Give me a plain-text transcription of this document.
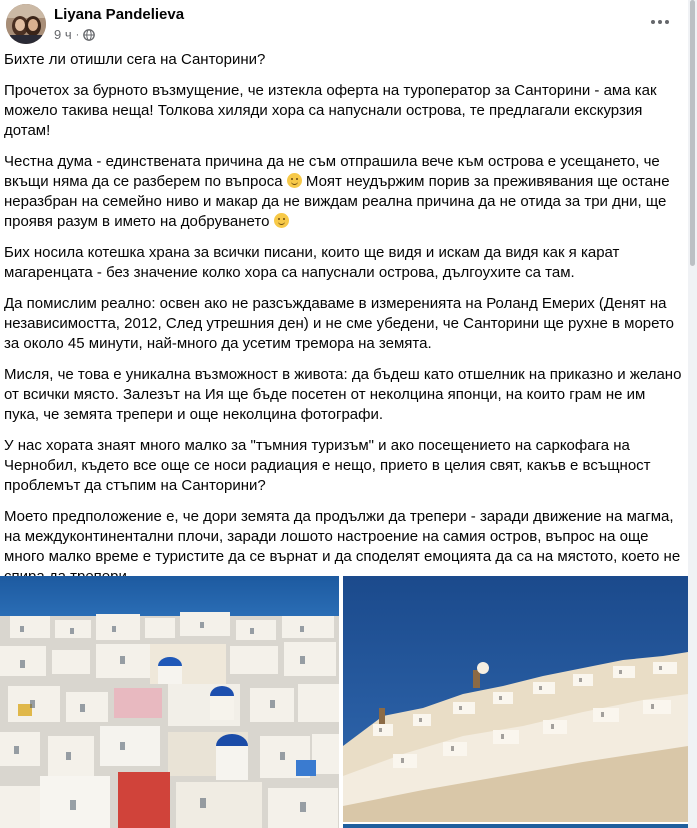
Liyana Pandelieva
9 ч ·

Бихте ли отишли сега на Санторини?

Прочетох за бурното възмущение, че изтекла оферта на туроператор за Санторини - ама как можело такива неща! Толкова хиляди хора са напуснали острова, те предлагали екскурзия дотам!

Честна дума - единствената причина да не съм отпрашила вече към острова е усещането, че вкъщи няма да се разберем по въпроса  Моят неудържим порив за преживявания ще остане неразбран на семейно ниво и макар да не виждам реална причина да не отида за три дни, ще проявя разум в името на добруването

Бих носила котешка храна за всички писани, които ще видя и искам да видя как я карат магаренцата - без значение колко хора са напуснали острова, дългоухите са там.

Да помислим реално: освен ако не разсъждаваме в измеренията на Роланд Емерих (Денят на независимостта, 2012, След утрешния ден) и не сме убедени, че Санторини ще рухне в морето за около 45 минути, най-много да усетим тремора на земята.

Мисля, че това е уникална възможност в живота: да бъдеш като отшелник на приказно и желано от всички място. Залезът на Ия ще бъде посетен от неколцина японци, на които грам не им пука, че земята трепери и още неколцина фотографи.

У нас хората знаят много малко за "тъмния туризъм" и ако посещението на саркофага на Чернобил, където все още се носи радиация е нещо, прието в целия свят, какъв е всъщност проблемът да стъпим на Санторини?

Моето предположение е, че дори земята да продължи да трепери - заради движение на магма, на междуконтинентални плочи, заради лошото настроение на самия остров, въпрос на още много малко време е туристите да се върнат и да споделят емоцията да са на мястото, което не
